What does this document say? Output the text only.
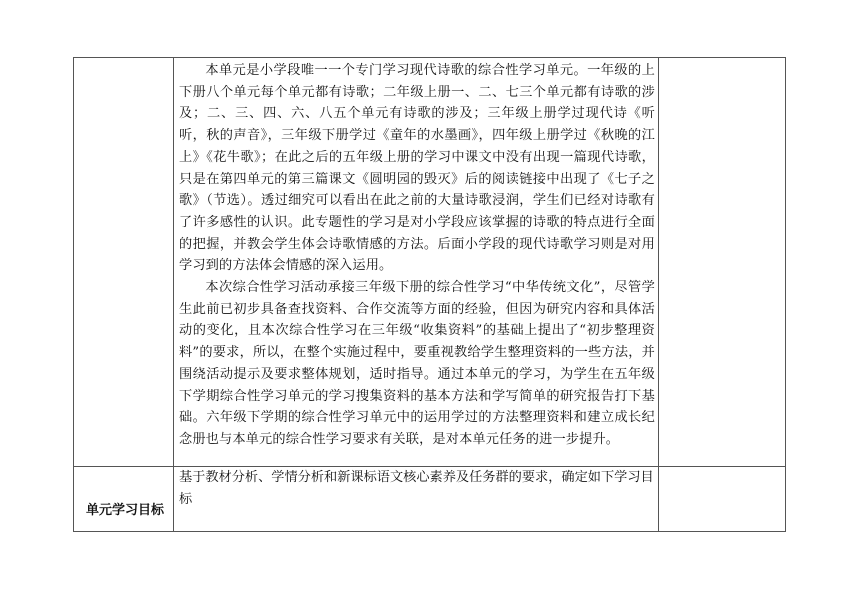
本单元是小学段唯一一个专门学习现代诗歌的综合性学习单元。一年级的上下册八个单元每个单元都有诗歌；二年级上册一、二、七三个单元都有诗歌的涉及；二、三、四、六、八五个单元有诗歌的涉及；三年级上册学过现代诗《听听，秋的声音》，三年级下册学过《童年的水墨画》，四年级上册学过《秋晚的江上》《花牛歌》；在此之后的五年级上册的学习中课文中没有出现一篇现代诗歌，只是在第四单元的第三篇课文《圆明园的毁灭》后的阅读链接中出现了《七子之歌》（节选）。透过细究可以看出在此之前的大量诗歌浸润，学生们已经对诗歌有了许多感性的认识。此专题性的学习是对小学段应该掌握的诗歌的特点进行全面的把握，并教会学生体会诗歌情感的方法。后面小学段的现代诗歌学习则是对用学习到的方法体会情感的深入运用。

本次综合性学习活动承接三年级下册的综合性学习“中华传统文化”，尽管学生此前已初步具备查找资料、合作交流等方面的经验，但因为研究内容和具体活动的变化，且本次综合性学习在三年级“收集资料”的基础上提出了“初步整理资料”的要求，所以，在整个实施过程中，要重视教给学生整理资料的一些方法，并围绕活动提示及要求整体规划，适时指导。通过本单元的学习，为学生在五年级下学期综合性学习单元的学习搜集资料的基本方法和学写简单的研究报告打下基础。六年级下学期的综合性学习单元中的运用学过的方法整理资料和建立成长纪念册也与本单元的综合性学习要求有关联，是对本单元任务的进一步提升。

单元学习目标
基于教材分析、学情分析和新课标语文核心素养及任务群的要求，确定如下学习目标
